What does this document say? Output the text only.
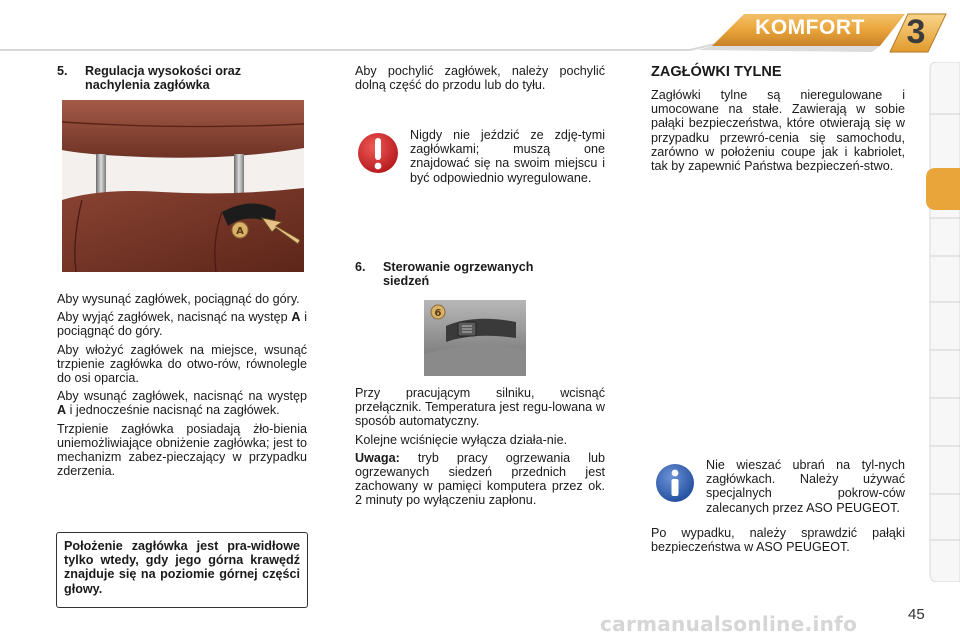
KOMFORT	3
5. Regulacja wysokości oraz
nachylenia zagłówka
A

Aby wysunąć zagłówek, pociągnąć do góry.

Aby wyjąć zagłówek, nacisnąć na występ A i pociągnąć do góry.

Aby włożyć zagłówek na miejsce, wsunąć trzpienie zagłówka do otwo-rów, równolegle do osi oparcia.

Aby wsunąć zagłówek, nacisnąć na występ A i jednocześnie nacisnąć na zagłówek.

Trzpienie zagłówka posiadają żło-bienia uniemożliwiające obniżenie zagłówka; jest to mechanizm zabez-pieczający w przypadku zderzenia.

Położenie zagłówka jest pra-widłowe tylko wtedy, gdy jego górna krawędź znajduje się na poziomie górnej części głowy.
Aby pochylić zagłówek, należy pochylić dolną część do przodu lub do tyłu.
Nigdy nie jeździć ze zdję-tymi zagłówkami; muszą one znajdować się na swoim miejscu i być odpowiednio wyregulowane.
6. Sterowanie ogrzewanych
siedzeń
6

Przy pracującym silniku, wcisnąć przełącznik. Temperatura jest regu-lowana w sposób automatyczny.

Kolejne wciśnięcie wyłącza działa-nie.

Uwaga: tryb pracy ogrzewania lub ogrzewanych siedzeń przednich jest zachowany w pamięci komputera przez ok. 2 minuty po wyłączeniu zapłonu.

ZAGŁÓWKI TYLNE
Zagłówki tylne są nieregulowane i umocowane na stałe. Zawierają w sobie pałąki bezpieczeństwa, które otwierają się w przypadku przewró-cenia się samochodu, zarówno w położeniu coupe jak i kabriolet, tak by zapewnić Państwa bezpieczeń-stwo.
Nie wieszać ubrań na tyl-nych zagłówkach. Należy używać specjalnych pokrow-ców zalecanych przez ASO PEUGEOT.
Po wypadku, należy sprawdzić pałąki bezpieczeństwa w ASO PEUGEOT.
carmanualsonline.info	45
